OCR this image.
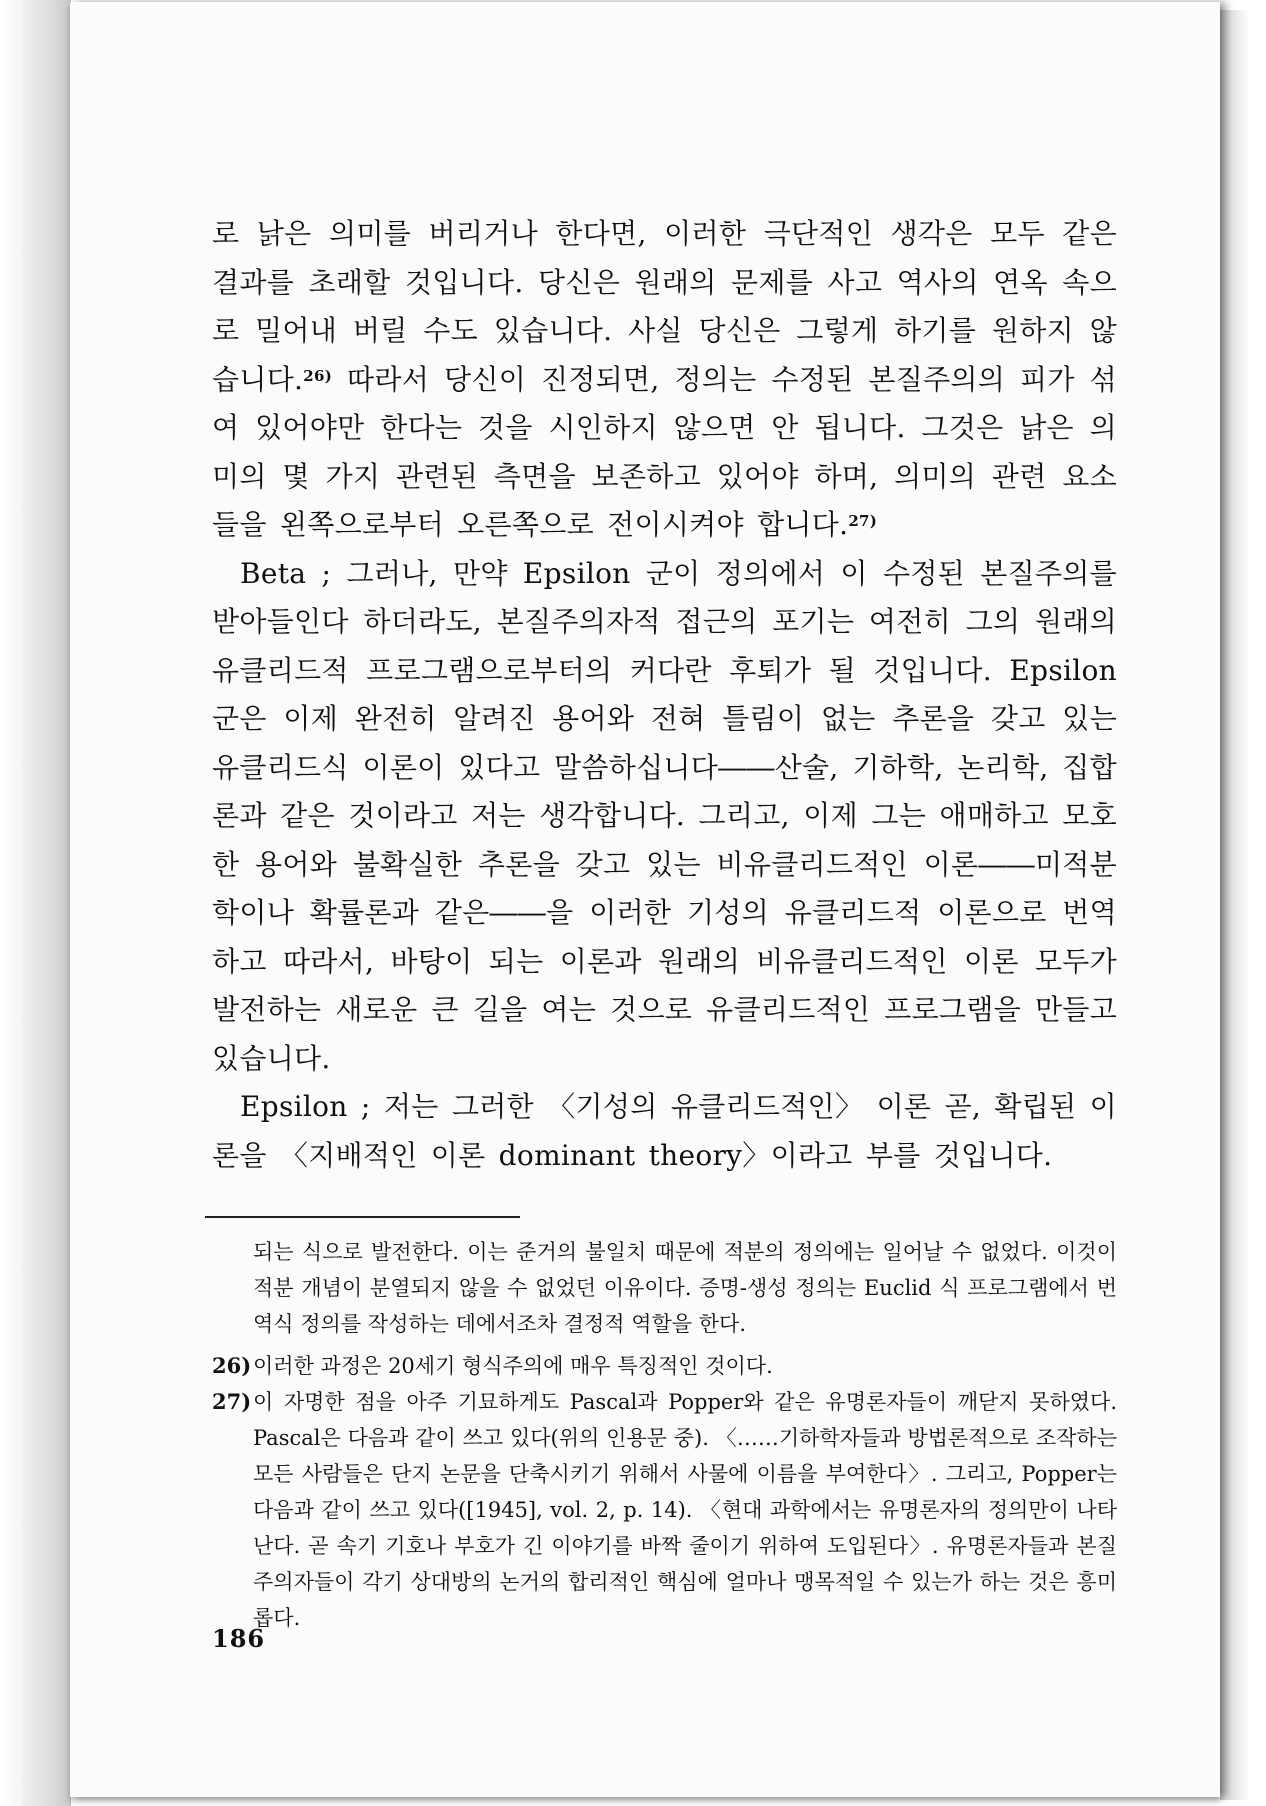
로 낡은 의미를 버리거나 한다면, 이러한 극단적인 생각은 모두 같은 결과를 초래할 것입니다. 당신은 원래의 문제를 사고 역사의 연옥 속으로 밀어내 버릴 수도 있습니다. 사실 당신은 그렇게 하기를 원하지 않습니다.$^{26)}$ 따라서 당신이 진정되면, 정의는 수정된 본질주의의 피가 섞여 있어야만 한다는 것을 시인하지 않으면 안 됩니다. 그것은 낡은 의미의 몇 가지 관련된 측면을 보존하고 있어야 하며, 의미의 관련 요소들을 왼쪽으로부터 오른쪽으로 전이시켜야 합니다.$^{27)}$

Beta ; 그러나, 만약 Epsilon 군이 정의에서 이 수정된 본질주의를 받아들인다 하더라도, 본질주의자적 접근의 포기는 여전히 그의 원래의 유클리드적 프로그램으로부터의 커다란 후퇴가 될 것입니다. Epsilon 군은 이제 완전히 알려진 용어와 전혀 틀림이 없는 추론을 갖고 있는 유클리드식 이론이 있다고 말씀하십니다――산술, 기하학, 논리학, 집합론과 같은 것이라고 저는 생각합니다. 그리고, 이제 그는 애매하고 모호한 용어와 불확실한 추론을 갖고 있는 비유클리드적인 이론――미적분학이나 확률론과 같은――을 이러한 기성의 유클리드적 이론으로 번역하고 따라서, 바탕이 되는 이론과 원래의 비유클리드적인 이론 모두가 발전하는 새로운 큰 길을 여는 것으로 유클리드적인 프로그램을 만들고 있습니다.

Epsilon ; 저는 그러한 〈기성의 유클리드적인〉 이론 곧, 확립된 이론을 〈지배적인 이론 dominant theory〉이라고 부를 것입니다.

되는 식으로 발전한다. 이는 준거의 불일치 때문에 적분의 정의에는 일어날 수 없었다. 이것이 적분 개념이 분열되지 않을 수 없었던 이유이다. 증명-생성 정의는 Euclid 식 프로그램에서 번역식 정의를 작성하는 데에서조차 결정적 역할을 한다.

26) 이러한 과정은 20세기 형식주의에 매우 특징적인 것이다.
27) 이 자명한 점을 아주 기묘하게도 Pascal과 Popper와 같은 유명론자들이 깨닫지 못하였다. Pascal은 다음과 같이 쓰고 있다(위의 인용문 중). 〈……기하학자들과 방법론적으로 조작하는 모든 사람들은 단지 논문을 단축시키기 위해서 사물에 이름을 부여한다〉. 그리고, Popper는 다음과 같이 쓰고 있다([1945], vol. 2, p. 14). 〈현대 과학에서는 유명론자의 정의만이 나타난다. 곧 속기 기호나 부호가 긴 이야기를 바짝 줄이기 위하여 도입된다〉. 유명론자들과 본질주의자들이 각기 상대방의 논거의 합리적인 핵심에 얼마나 맹목적일 수 있는가 하는 것은 흥미롭다.
186
